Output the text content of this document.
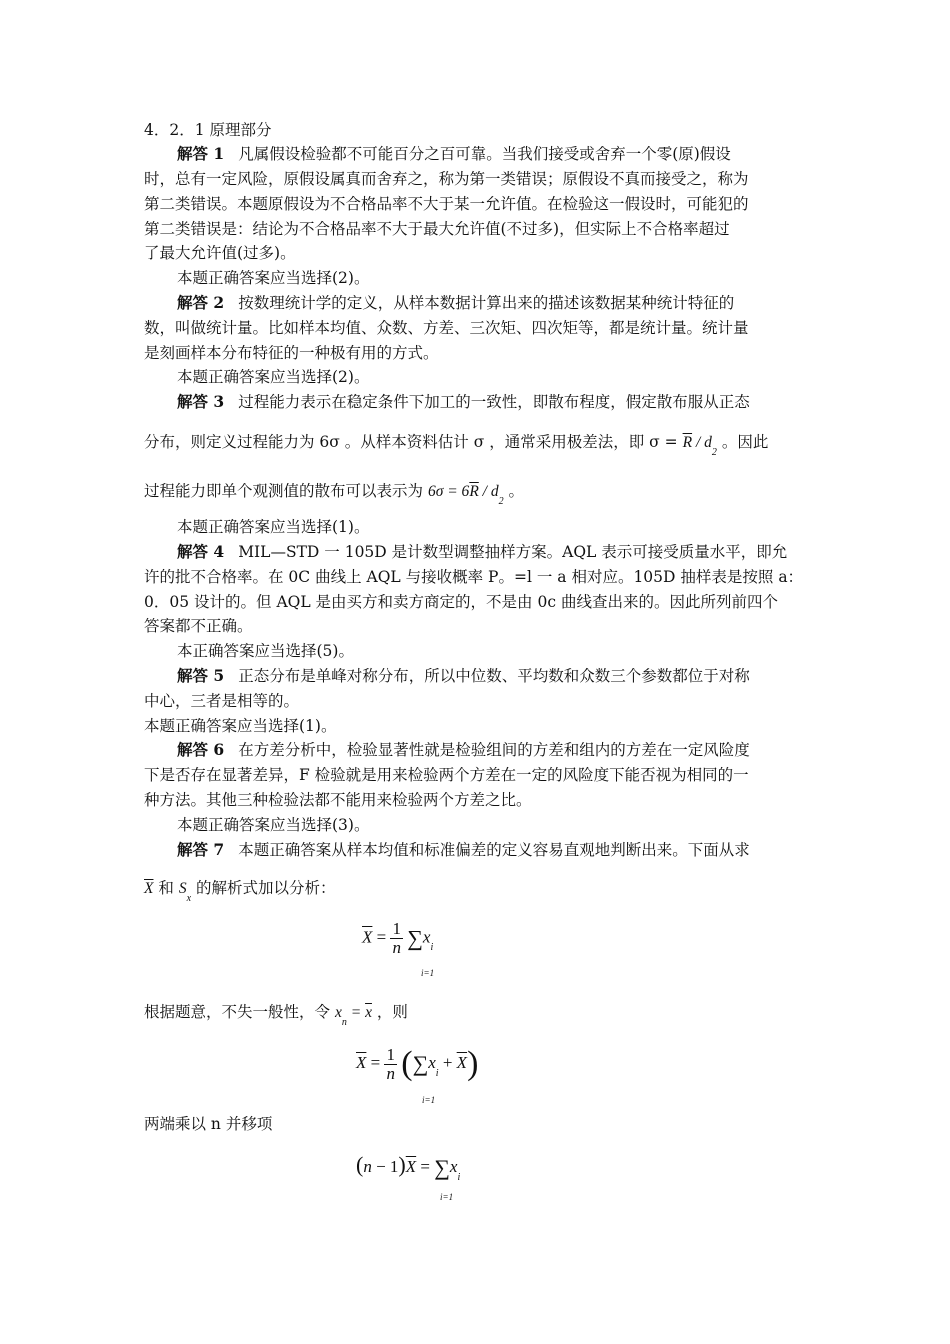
4．2．1 原理部分
解答 1 凡属假设检验都不可能百分之百可靠。当我们接受或舍弃一个零(原)假设
时，总有一定风险，原假设属真而舍弃之，称为第一类错误；原假设不真而接受之，称为
第二类错误。本题原假设为不合格品率不大于某一允许值。在检验这一假设时，可能犯的
第二类错误是：结论为不合格品率不大于最大允许值(不过多)，但实际上不合格率超过
了最大允许值(过多)。
本题正确答案应当选择(2)。
解答 2 按数理统计学的定义，从样本数据计算出来的描述该数据某种统计特征的
数，叫做统计量。比如样本均值、众数、方差、三次矩、四次矩等，都是统计量。统计量
是刻画样本分布特征的一种极有用的方式。
本题正确答案应当选择(2)。
解答 3 过程能力表示在稳定条件下加工的一致性，即散布程度，假定散布服从正态
分布，则定义过程能力为 6σ 。从样本资料估计 σ ，通常采用极差法，即 $\sigma = \overline{R} / d_2$ 。因此
过程能力即单个观测值的散布可以表示为 $6\sigma = 6\overline{R} / d_2$ 。
本题正确答案应当选择(1)。
解答 4 MIL—STD 一 105D 是计数型调整抽样方案。AQL 表示可接受质量水平，即允
许的批不合格率。在 0C 曲线上 AQL 与接收概率 P。=l 一 a 相对应。105D 抽样表是按照 a：
0．05 设计的。但 AQL 是由买方和卖方商定的，不是由 0c 曲线查出来的。因此所列前四个
答案都不正确。
本正确答案应当选择(5)。
解答 5 正态分布是单峰对称分布，所以中位数、平均数和众数三个参数都位于对称
中心，三者是相等的。
本题正确答案应当选择(1)。
解答 6 在方差分析中，检验显著性就是检验组间的方差和组内的方差在一定风险度
下是否存在显著差异，F 检验就是用来检验两个方差在一定的风险度下能否视为相同的一
种方法。其他三种检验法都不能用来检验两个方差之比。
本题正确答案应当选择(3)。
解答 7 本题正确答案从样本均值和标准偏差的定义容易直观地判断出来。下面从求
$\overline{X}$ 和 $S_x$ 的解析式加以分析：
$\overline{X} = \frac{1}{n} \sum x_i$
i=1
根据题意，不失一般性，令 $x_n = \overline{x}$ ，则
$\overline{X} = \frac{1}{n} (\sum x_i + \overline{X})$
i=1
两端乘以 n 并移项
$(n - 1)\overline{X} = \sum x_i$
i=1
